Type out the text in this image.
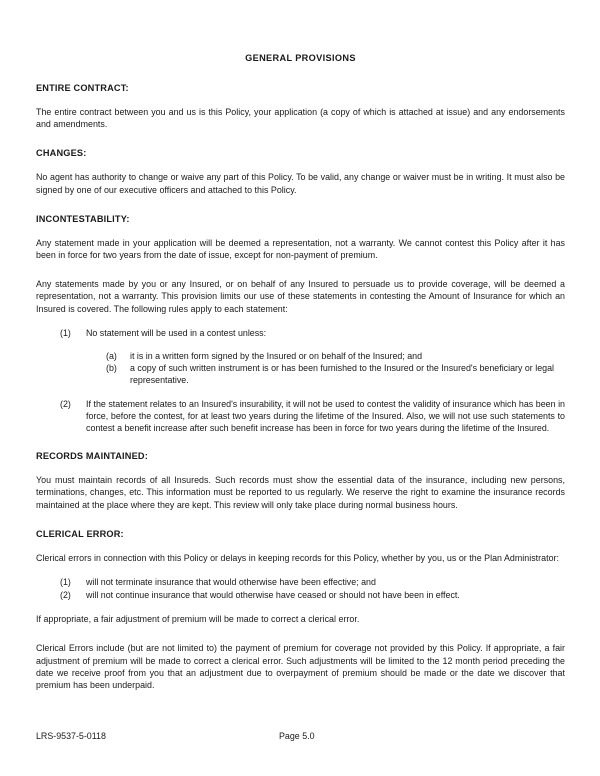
GENERAL PROVISIONS
ENTIRE CONTRACT:

The entire contract between you and us is this Policy, your application (a copy of which is attached at issue) and any endorsements and amendments.

CHANGES:

No agent has authority to change or waive any part of this Policy. To be valid, any change or waiver must be in writing. It must also be signed by one of our executive officers and attached to this Policy.

INCONTESTABILITY:

Any statement made in your application will be deemed a representation, not a warranty. We cannot contest this Policy after it has been in force for two years from the date of issue, except for non-payment of premium.

Any statements made by you or any Insured, or on behalf of any Insured to persuade us to provide coverage, will be deemed a representation, not a warranty. This provision limits our use of these statements in contesting the Amount of Insurance for which an Insured is covered. The following rules apply to each statement:

(1)	No statement will be used in a contest unless:
(a)	it is in a written form signed by the Insured or on behalf of the Insured; and
(b)	a copy of such written instrument is or has been furnished to the Insured or the Insured's beneficiary or legal representative.
(2)	If the statement relates to an Insured's insurability, it will not be used to contest the validity of insurance which has been in force, before the contest, for at least two years during the lifetime of the Insured. Also, we will not use such statements to contest a benefit increase after such benefit increase has been in force for two years during the lifetime of the Insured.
RECORDS MAINTAINED:

You must maintain records of all Insureds. Such records must show the essential data of the insurance, including new persons, terminations, changes, etc. This information must be reported to us regularly. We reserve the right to examine the insurance records maintained at the place where they are kept. This review will only take place during normal business hours.

CLERICAL ERROR:

Clerical errors in connection with this Policy or delays in keeping records for this Policy, whether by you, us or the Plan Administrator:

(1)	will not terminate insurance that would otherwise have been effective; and
(2)	will not continue insurance that would otherwise have ceased or should not have been in effect.

If appropriate, a fair adjustment of premium will be made to correct a clerical error.

Clerical Errors include (but are not limited to) the payment of premium for coverage not provided by this Policy. If appropriate, a fair adjustment of premium will be made to correct a clerical error. Such adjustments will be limited to the 12 month period preceding the date we receive proof from you that an adjustment due to overpayment of premium should be made or the date we discover that premium has been underpaid.

LRS-9537-5-0118	Page 5.0
